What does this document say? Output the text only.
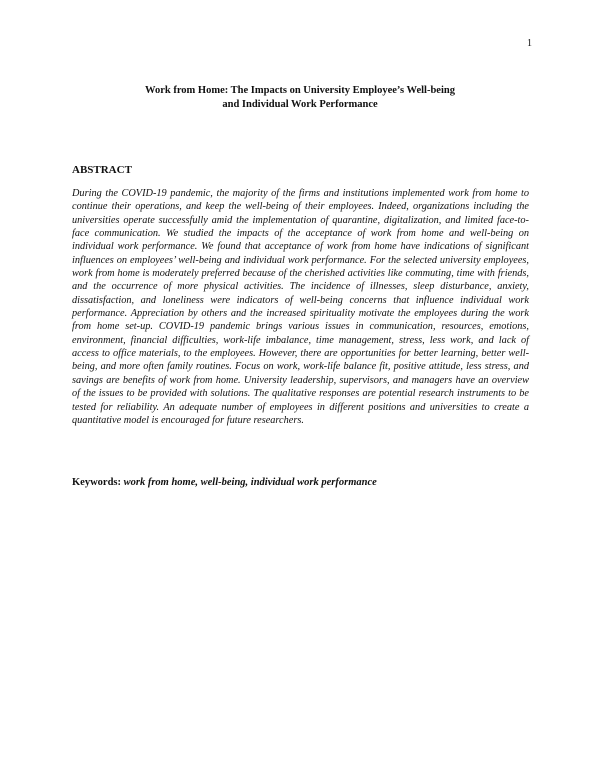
1
Work from Home: The Impacts on University Employee’s Well-being
and Individual Work Performance
ABSTRACT
During the COVID-19 pandemic, the majority of the firms and institutions implemented work from home to continue their operations, and keep the well-being of their employees. Indeed, organizations including the universities operate successfully amid the implementation of quarantine, digitalization, and limited face-to-face communication. We studied the impacts of the acceptance of work from home and well-being on individual work performance. We found that acceptance of work from home have indications of significant influences on employees’ well-being and individual work performance. For the selected university employees, work from home is moderately preferred because of the cherished activities like commuting, time with friends, and the occurrence of more physical activities. The incidence of illnesses, sleep disturbance, anxiety, dissatisfaction, and loneliness were indicators of well-being concerns that influence individual work performance. Appreciation by others and the increased spirituality motivate the employees during the work from home set-up. COVID-19 pandemic brings various issues in communication, resources, emotions, environment, financial difficulties, work-life imbalance, time management, stress, less work, and lack of access to office materials, to the employees. However, there are opportunities for better learning, better well-being, and more often family routines. Focus on work, work-life balance fit, positive attitude, less stress, and savings are benefits of work from home. University leadership, supervisors, and managers have an overview of the issues to be provided with solutions. The qualitative responses are potential research instruments to be tested for reliability. An adequate number of employees in different positions and universities to create a quantitative model is encouraged for future researchers.
Keywords: work from home, well-being, individual work performance
